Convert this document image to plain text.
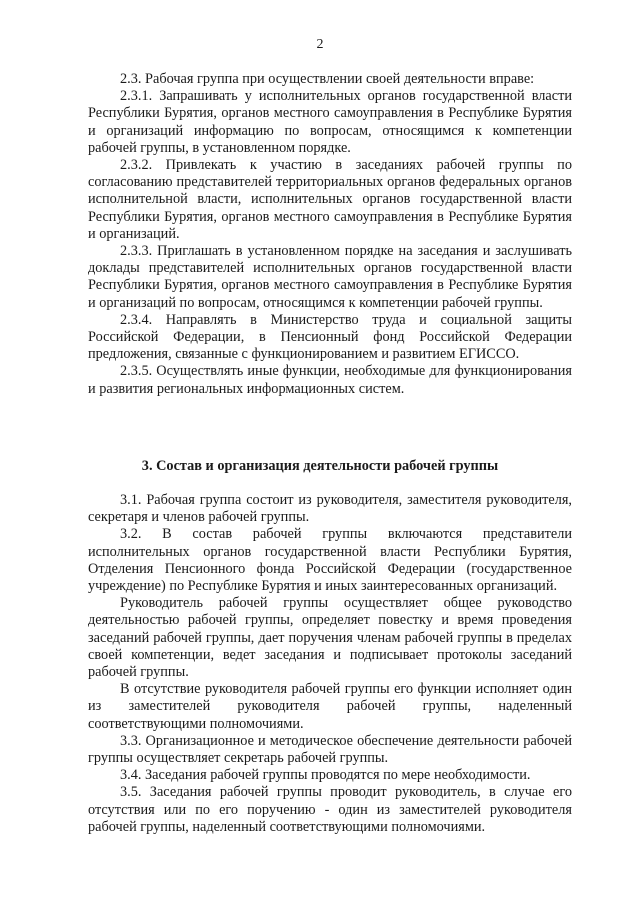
2

2.3. Рабочая группа при осуществлении своей деятельности вправе:

2.3.1. Запрашивать у исполнительных органов государственной власти Республики Бурятия, органов местного самоуправления в Республике Бурятия и организаций информацию по вопросам, относящимся к компетенции рабочей группы, в установленном порядке.

2.3.2. Привлекать к участию в заседаниях рабочей группы по согласованию представителей территориальных органов федеральных органов исполнительной власти, исполнительных органов государственной власти Республики Бурятия, органов местного самоуправления в Республике Бурятия и организаций.

2.3.3. Приглашать в установленном порядке на заседания и заслушивать доклады представителей исполнительных органов государственной власти Республики Бурятия, органов местного самоуправления в Республике Бурятия и организаций по вопросам, относящимся к компетенции рабочей группы.

2.3.4. Направлять в Министерство труда и социальной защиты Российской Федерации, в Пенсионный фонд Российской Федерации предложения, связанные с функционированием и развитием ЕГИССО.

2.3.5. Осуществлять иные функции, необходимые для функционирования и развития региональных информационных систем.

3. Состав и организация деятельности рабочей группы

3.1. Рабочая группа состоит из руководителя, заместителя руководителя, секретаря и членов рабочей группы.

3.2. В состав рабочей группы включаются представители исполнительных органов государственной власти Республики Бурятия, Отделения Пенсионного фонда Российской Федерации (государственное учреждение) по Республике Бурятия и иных заинтересованных организаций.

Руководитель рабочей группы осуществляет общее руководство деятельностью рабочей группы, определяет повестку и время проведения заседаний рабочей группы, дает поручения членам рабочей группы в пределах своей компетенции, ведет заседания и подписывает протоколы заседаний рабочей группы.

В отсутствие руководителя рабочей группы его функции исполняет один из заместителей руководителя рабочей группы, наделенный соответствующими полномочиями.

3.3. Организационное и методическое обеспечение деятельности рабочей группы осуществляет секретарь рабочей группы.

3.4. Заседания рабочей группы проводятся по мере необходимости.

3.5. Заседания рабочей группы проводит руководитель, в случае его отсутствия или по его поручению - один из заместителей руководителя рабочей группы, наделенный соответствующими полномочиями.
